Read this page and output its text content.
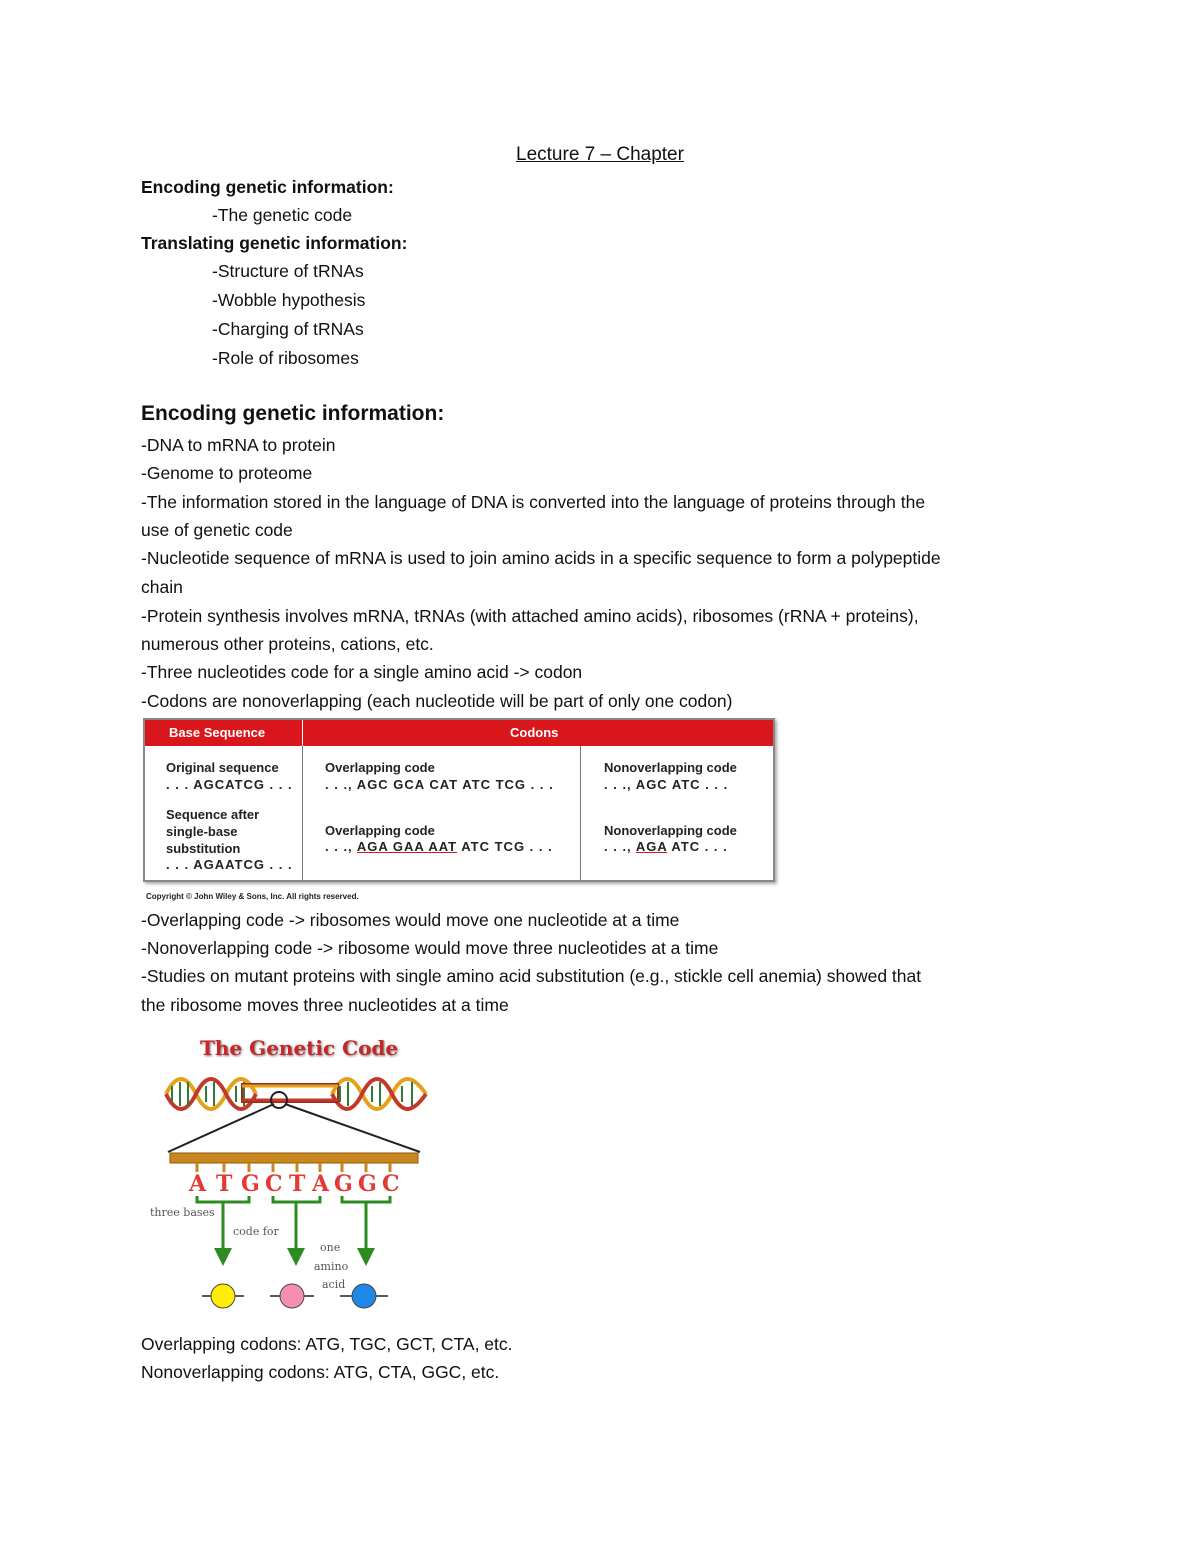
Lecture 7 – Chapter
Encoding genetic information:
-The genetic code
Translating genetic information:
-Structure of tRNAs
-Wobble hypothesis
-Charging of tRNAs
-Role of ribosomes
Encoding genetic information:
-DNA to mRNA to protein
-Genome to proteome
-The information stored in the language of DNA is converted into the language of proteins through the
use of genetic code
-Nucleotide sequence of mRNA is used to join amino acids in a specific sequence to form a polypeptide
chain
-Protein synthesis involves mRNA, tRNAs (with attached amino acids), ribosomes (rRNA + proteins),
numerous other proteins, cations, etc.
-Three nucleotides code for a single amino acid -> codon
-Codons are nonoverlapping (each nucleotide will be part of only one codon)
Base Sequence	Codons
Original sequence
. . . AGCATCG . . .
Sequence after
single-base
substitution
. . . AGAATCG . . .
Overlapping code
. . ., AGC GCA CAT ATC TCG . . .
Overlapping code
. . ., AGA GAA AAT ATC TCG . . .
Nonoverlapping code
. . ., AGC ATC . . .
Nonoverlapping code
. . ., AGA ATC . . .
Copyright © John Wiley & Sons, Inc. All rights reserved.
-Overlapping code -> ribosomes would move one nucleotide at a time
-Nonoverlapping code -> ribosome would move three nucleotides at a time
-Studies on mutant proteins with single amino acid substitution (e.g., stickle cell anemia) showed that
the ribosome moves three nucleotides at a time
The Genetic Code
A T G C T A G G C
three bases
code for
one
amino
acid
Overlapping codons: ATG, TGC, GCT, CTA, etc.
Nonoverlapping codons: ATG, CTA, GGC, etc.
